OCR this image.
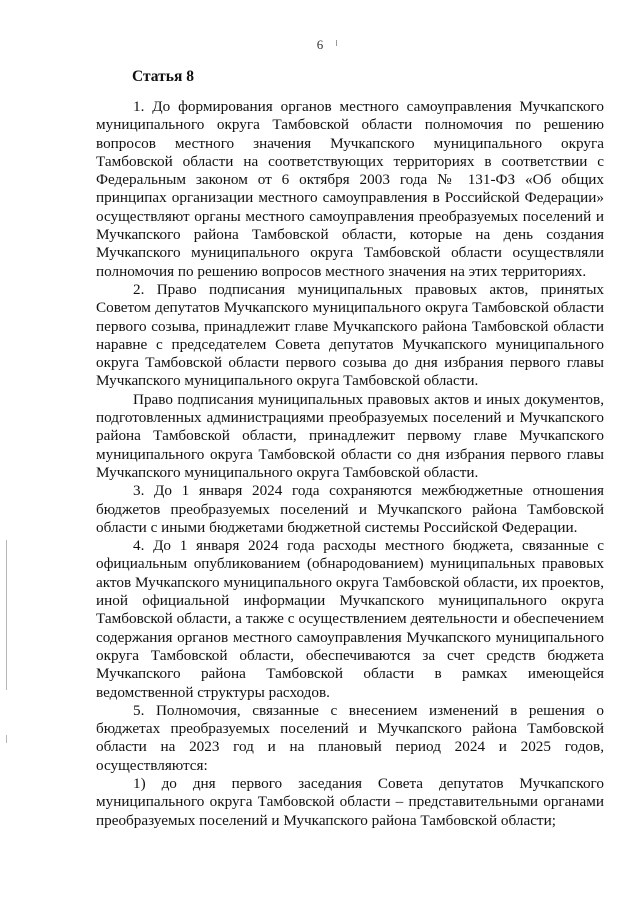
6
Статья 8

1. До формирования органов местного самоуправления Мучкапского муниципального округа Тамбовской области полномочия по решению вопросов местного значения Мучкапского муниципального округа Тамбовской области на соответствующих территориях в соответствии с Федеральным законом от 6 октября 2003 года № 131-ФЗ «Об общих принципах организации местного самоуправления в Российской Федерации» осуществляют органы местного самоуправления преобразуемых поселений и Мучкапского района Тамбовской области, которые на день создания Мучкапского муниципального округа Тамбовской области осуществляли полномочия по решению вопросов местного значения на этих территориях.

2. Право подписания муниципальных правовых актов, принятых Советом депутатов Мучкапского муниципального округа Тамбовской области первого созыва, принадлежит главе Мучкапского района Тамбовской области наравне с председателем Совета депутатов Мучкапского муниципального округа Тамбовской области первого созыва до дня избрания первого главы Мучкапского муниципального округа Тамбовской области.

Право подписания муниципальных правовых актов и иных документов, подготовленных администрациями преобразуемых поселений и Мучкапского района Тамбовской области, принадлежит первому главе Мучкапского муниципального округа Тамбовской области со дня избрания первого главы Мучкапского муниципального округа Тамбовской области.

3. До 1 января 2024 года сохраняются межбюджетные отношения бюджетов преобразуемых поселений и Мучкапского района Тамбовской области с иными бюджетами бюджетной системы Российской Федерации.

4. До 1 января 2024 года расходы местного бюджета, связанные с официальным опубликованием (обнародованием) муниципальных правовых актов Мучкапского муниципального округа Тамбовской области, их проектов, иной официальной информации Мучкапского муниципального округа Тамбовской области, а также с осуществлением деятельности и обеспечением содержания органов местного самоуправления Мучкапского муниципального округа Тамбовской области, обеспечиваются за счет средств бюджета Мучкапского района Тамбовской области в рамках имеющейся ведомственной структуры расходов.

5. Полномочия, связанные с внесением изменений в решения о бюджетах преобразуемых поселений и Мучкапского района Тамбовской области на 2023 год и на плановый период 2024 и 2025 годов, осуществляются:

1) до дня первого заседания Совета депутатов Мучкапского муниципального округа Тамбовской области – представительными органами преобразуемых поселений и Мучкапского района Тамбовской области;
